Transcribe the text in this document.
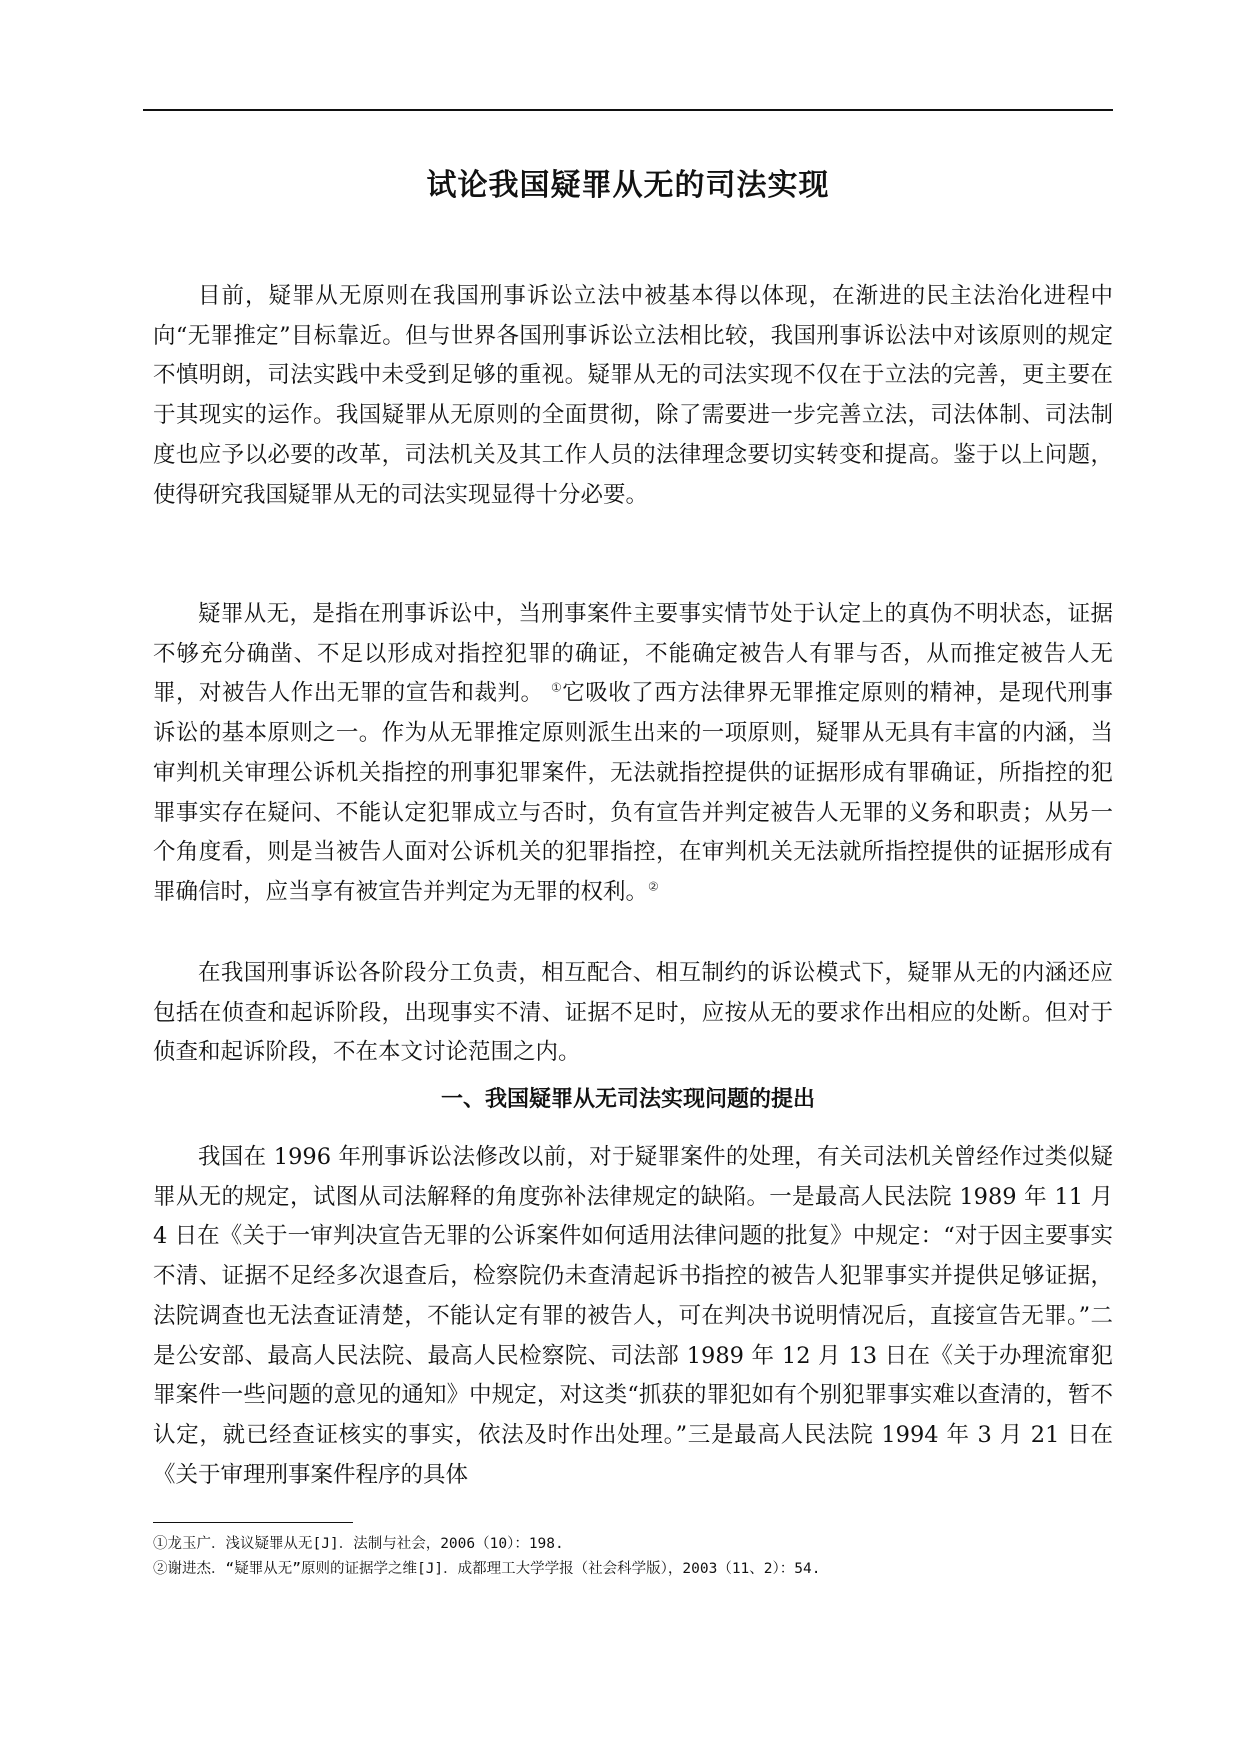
试论我国疑罪从无的司法实现

目前，疑罪从无原则在我国刑事诉讼立法中被基本得以体现，在渐进的民主法治化进程中向“无罪推定”目标靠近。但与世界各国刑事诉讼立法相比较，我国刑事诉讼法中对该原则的规定不慎明朗，司法实践中未受到足够的重视。疑罪从无的司法实现不仅在于立法的完善，更主要在于其现实的运作。我国疑罪从无原则的全面贯彻，除了需要进一步完善立法，司法体制、司法制度也应予以必要的改革，司法机关及其工作人员的法律理念要切实转变和提高。鉴于以上问题，使得研究我国疑罪从无的司法实现显得十分必要。

疑罪从无，是指在刑事诉讼中，当刑事案件主要事实情节处于认定上的真伪不明状态，证据不够充分确凿、不足以形成对指控犯罪的确证，不能确定被告人有罪与否，从而推定被告人无罪，对被告人作出无罪的宣告和裁判。 ①它吸收了西方法律界无罪推定原则的精神，是现代刑事诉讼的基本原则之一。作为从无罪推定原则派生出来的一项原则，疑罪从无具有丰富的内涵，当审判机关审理公诉机关指控的刑事犯罪案件，无法就指控提供的证据形成有罪确证，所指控的犯罪事实存在疑问、不能认定犯罪成立与否时，负有宣告并判定被告人无罪的义务和职责；从另一个角度看，则是当被告人面对公诉机关的犯罪指控，在审判机关无法就所指控提供的证据形成有罪确信时，应当享有被宣告并判定为无罪的权利。②

在我国刑事诉讼各阶段分工负责，相互配合、相互制约的诉讼模式下，疑罪从无的内涵还应包括在侦查和起诉阶段，出现事实不清、证据不足时，应按从无的要求作出相应的处断。但对于侦查和起诉阶段，不在本文讨论范围之内。

一、我国疑罪从无司法实现问题的提出

我国在 1996 年刑事诉讼法修改以前，对于疑罪案件的处理，有关司法机关曾经作过类似疑罪从无的规定，试图从司法解释的角度弥补法律规定的缺陷。一是最高人民法院 1989 年 11 月 4 日在《关于一审判决宣告无罪的公诉案件如何适用法律问题的批复》中规定：“对于因主要事实不清、证据不足经多次退查后，检察院仍未查清起诉书指控的被告人犯罪事实并提供足够证据，法院调查也无法查证清楚，不能认定有罪的被告人，可在判决书说明情况后，直接宣告无罪。”二是公安部、最高人民法院、最高人民检察院、司法部 1989 年 12 月 13 日在《关于办理流窜犯罪案件一些问题的意见的通知》中规定，对这类“抓获的罪犯如有个别犯罪事实难以查清的，暂不认定，就已经查证核实的事实，依法及时作出处理。”三是最高人民法院 1994 年 3 月 21 日在《关于审理刑事案件程序的具体

①龙玉广．浅议疑罪从无[J]．法制与社会，2006（10）：198.
②谢进杰．“疑罪从无”原则的证据学之维[J]．成都理工大学学报（社会科学版），2003（11、2）：54.
